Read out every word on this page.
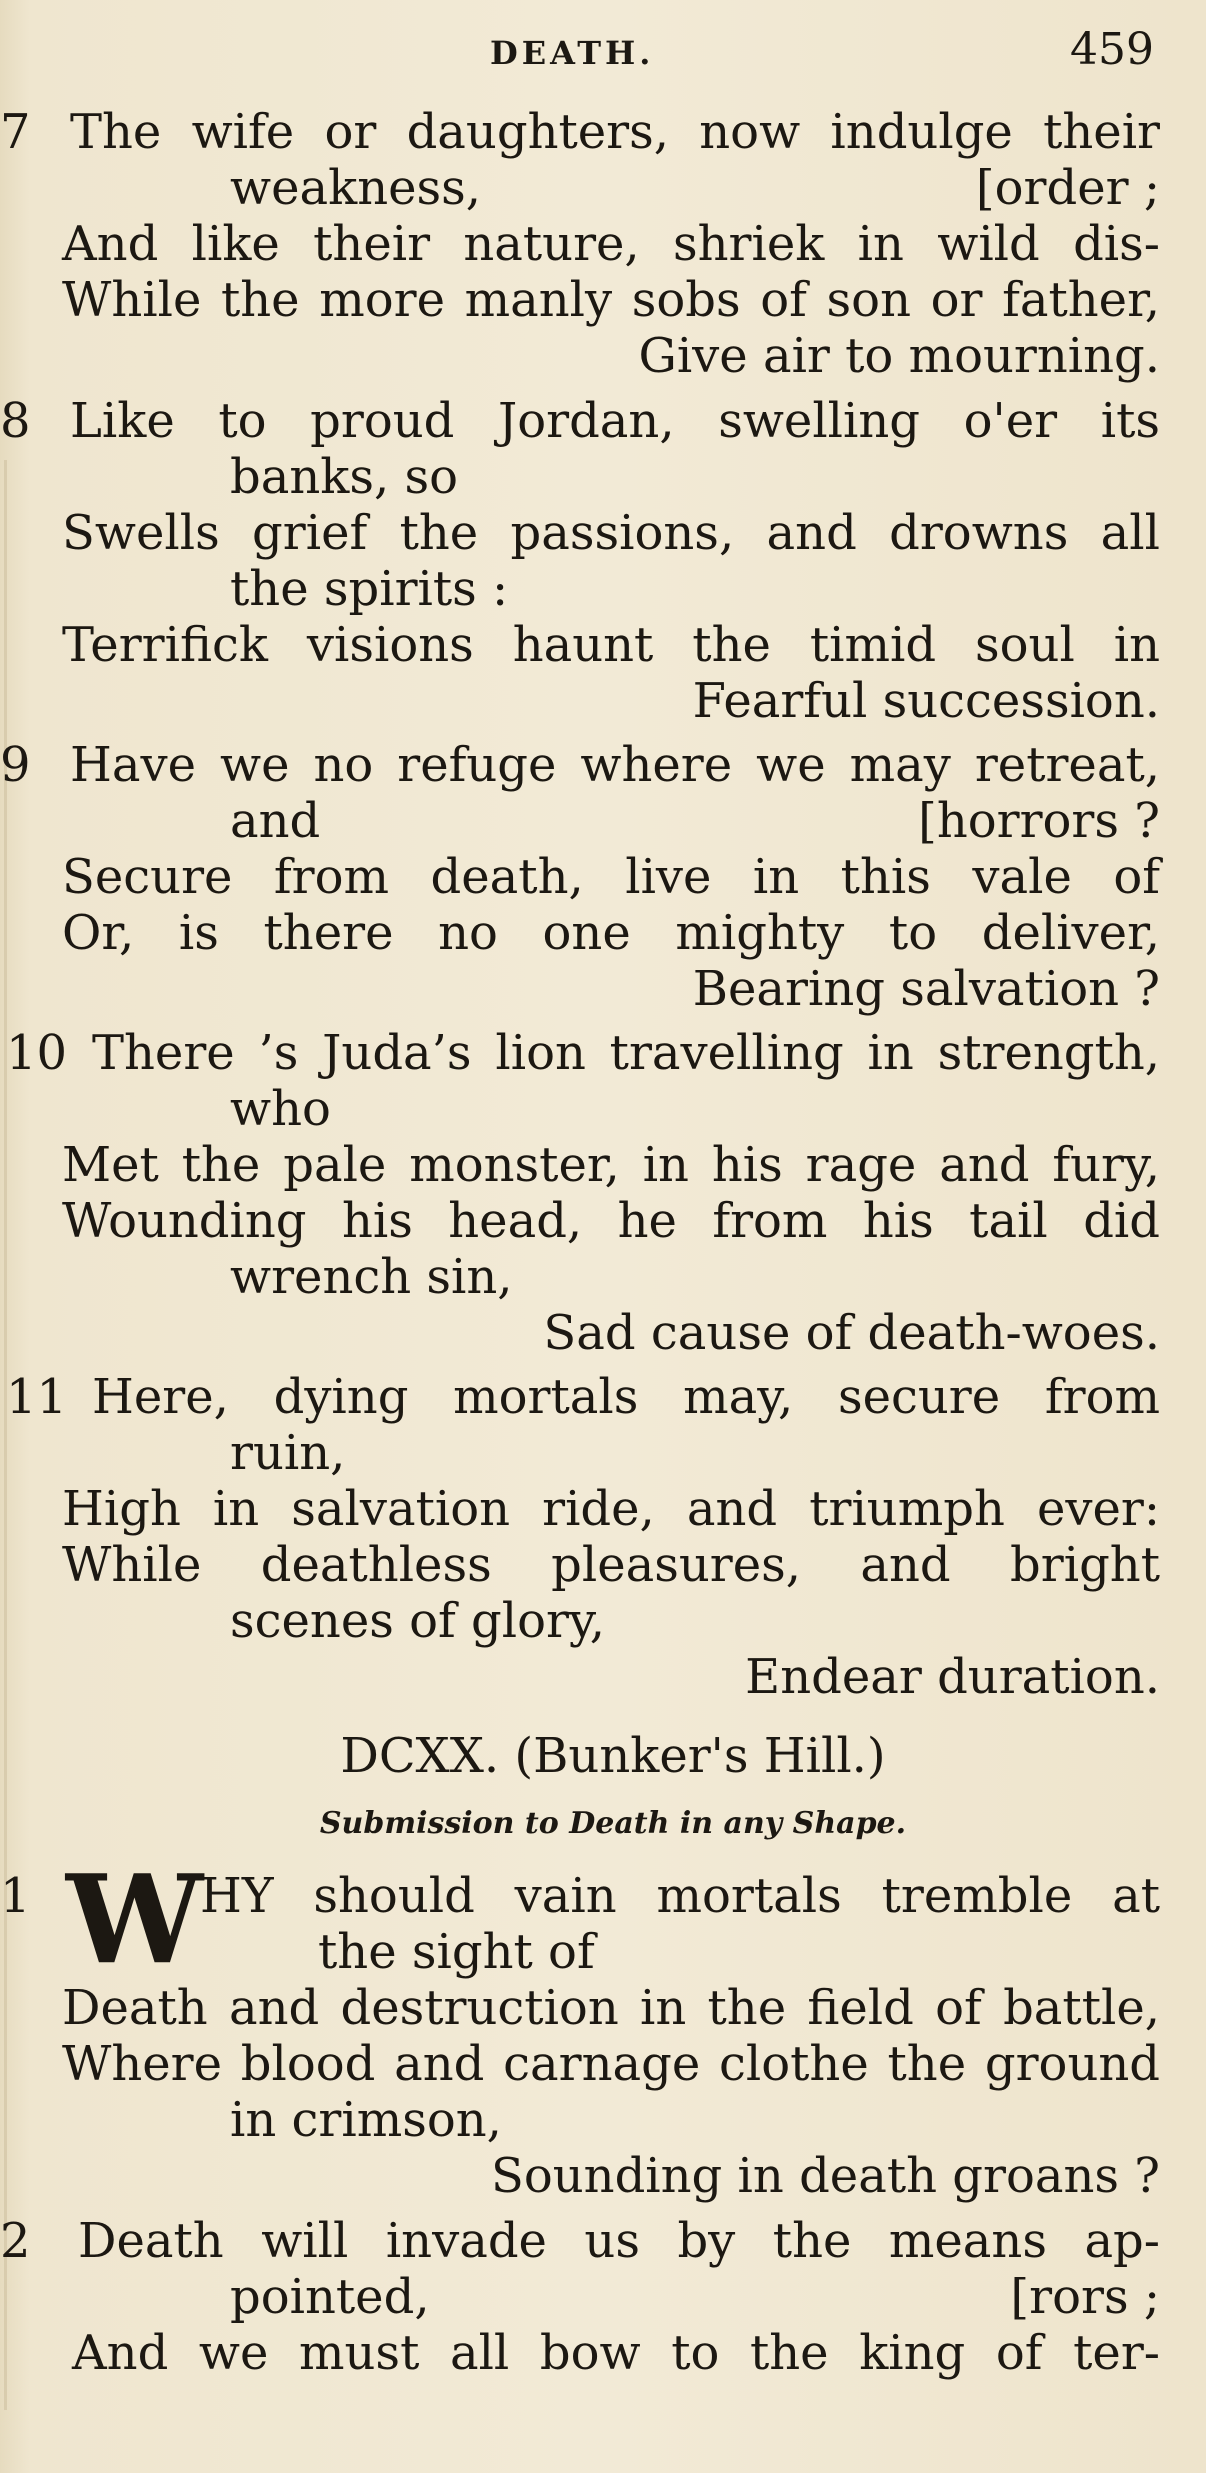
DEATH.	459
7 The wife or daughters, now indulge their
weakness,	[order ;
And like their nature, shriek in wild dis-
While the more manly sobs of son or father,
Give air to mourning.
8 Like to proud Jordan, swelling o'er its
banks, so
Swells grief the passions, and drowns all
the spirits :
Terrifick visions haunt the timid soul in
Fearful succession.
9 Have we no refuge where we may retreat,
and	[horrors ?
Secure from death, live in this vale of
Or, is there no one mighty to deliver,
Bearing salvation ?
10 There ’s Juda’s lion travelling in strength,
who
Met the pale monster, in his rage and fury,
Wounding his head, he from his tail did
wrench sin,
Sad cause of death-woes.
11 Here, dying mortals may, secure from
ruin,
High in salvation ride, and triumph ever:
While deathless pleasures, and bright
scenes of glory,
Endear duration.
DCXX. (Bunker's Hill.)
Submission to Death in any Shape.
1 W
HY should vain mortals tremble at
the sight of
Death and destruction in the field of battle,
Where blood and carnage clothe the ground
in crimson,
Sounding in death groans ?
2 Death will invade us by the means ap-
pointed,	[rors ;
And we must all bow to the king of ter-
